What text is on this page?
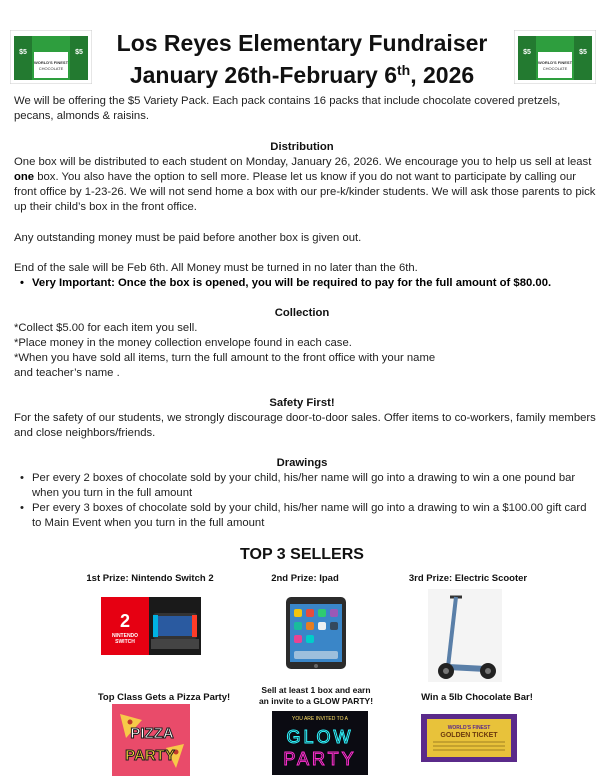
$5	$5
WORLD'S FINEST
CHOCOLATE
$5	$5
WORLD'S FINEST
CHOCOLATE
Los Reyes Elementary Fundraiser
January 26th-February 6th, 2026
We will be offering the $5 Variety Pack. Each pack contains 16 packs that include chocolate covered pretzels, pecans, almonds & raisins.
Distribution
One box will be distributed to each student on Monday, January 26, 2026. We encourage you to help us sell at least one box. You also have the option to sell more. Please let us know if you do not want to participate by calling our front office by 1-23-26. We will not send home a box with our pre-k/kinder students. We will ask those parents to pick up their child’s box in the front office.
Any outstanding money must be paid before another box is given out.
End of the sale will be Feb 6th. All Money must be turned in no later than the 6th.
• Very Important: Once the box is opened, you will be required to pay for the full amount of $80.00.
Collection
*Collect $5.00 for each item you sell.
*Place money in the money collection envelope found in each case.
*When you have sold all items, turn the full amount to the front office with your name
and teacher’s name .
Safety First!
For the safety of our students, we strongly discourage door-to-door sales. Offer items to co-workers, family members and close neighbors/friends.
Drawings
• Per every 2 boxes of chocolate sold by your child, his/her name will go into a drawing to win a one pound bar when you turn in the full amount
• Per every 3 boxes of chocolate sold by your child, his/her name will go into a drawing to win a $100.00 gift card to Main Event when you turn in the full amount
TOP 3 SELLERS
1st Prize: Nintendo Switch 2	2nd Prize: Ipad	3rd Prize: Electric Scooter
2
NINTENDO
SWITCH
Top Class Gets a Pizza Party!
Sell at least 1 box and earn
an invite to a GLOW PARTY!	Win a 5lb Chocolate Bar!
PIZZA
PARTY
YOU ARE INVITED TO A
GLOW
PARTY
WORLD'S FINEST
GOLDEN TICKET
